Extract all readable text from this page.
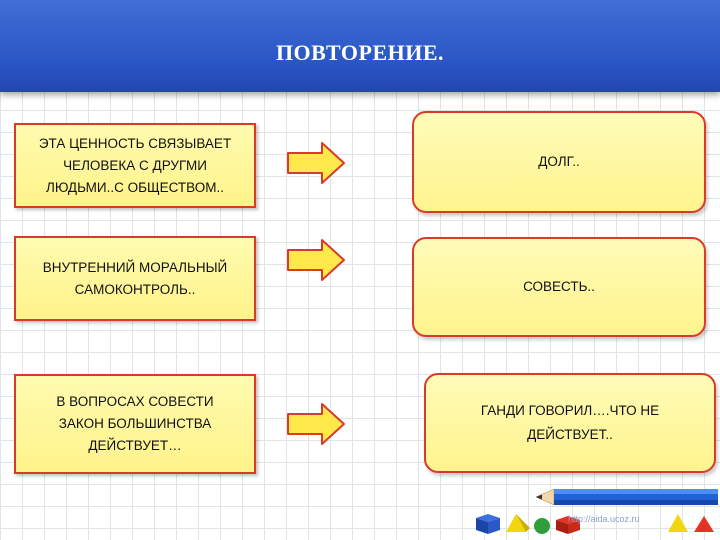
ПОВТОРЕНИЕ.
ЭТА ЦЕННОСТЬ СВЯЗЫВАЕТ
ЧЕЛОВЕКА С ДРУГМИ
ЛЮДЬМИ..С ОБЩЕСТВОМ..
ДОЛГ..
ВНУТРЕННИЙ МОРАЛЬНЫЙ
САМОКОНТРОЛЬ..	СОВЕСТЬ..
В ВОПРОСАХ СОВЕСТИ
ЗАКОН БОЛЬШИНСТВА
ДЕЙСТВУЕТ…
ГАНДИ ГОВОРИЛ….ЧТО НЕ
ДЕЙСТВУЕТ..
http://aida.ucoz.ru
